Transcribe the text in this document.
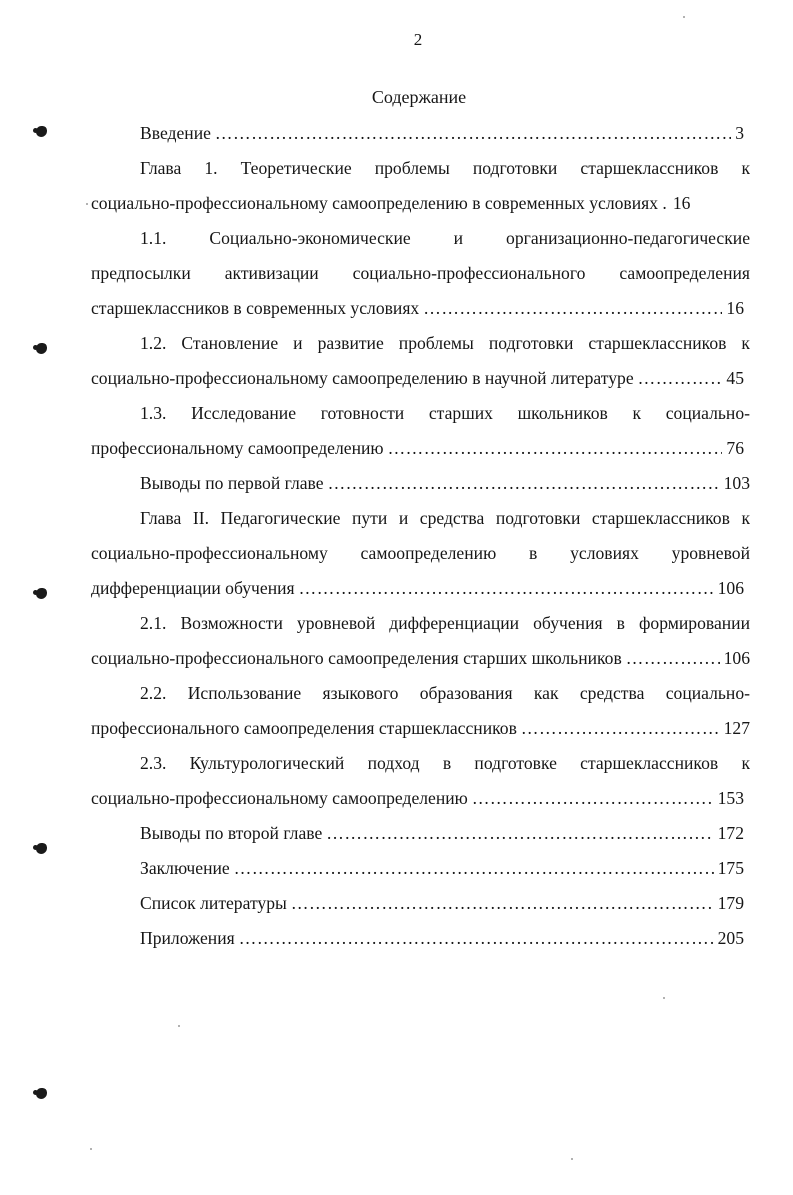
2
Содержание
Введение ……………………………………………………………………………………………………………………………………………	3
Глава 1. Теоретические проблемы подготовки старшеклассников к
социально-профессиональному самоопределению в современных условиях . 16
1.1. Социально-экономические и организационно-педагогические
предпосылки активизации социально-профессионального самоопределения
старшеклассников в современных условиях ……………………………………………………………………………………………………………………………………………	16
1.2. Становление и развитие проблемы подготовки старшеклассников к
социально-профессиональному самоопределению в научной литературе ……………………………………………………………………………………………………………………………………………	45
1.3. Исследование готовности старших школьников к социально-
профессиональному самоопределению ……………………………………………………………………………………………………………………………………………	76
Выводы по первой главе ……………………………………………………………………………………………………………………………………………	103
Глава II. Педагогические пути и средства подготовки старшеклассников к
социально-профессиональному самоопределению в условиях уровневой
дифференциации обучения ……………………………………………………………………………………………………………………………………………	106
2.1. Возможности уровневой дифференциации обучения в формировании
социально-профессионального самоопределения старших школьников ……………………………………………………………………………………………………………………………………………	106
2.2. Использование языкового образования как средства социально-
профессионального самоопределения старшеклассников ……………………………………………………………………………………………………………………………………………	127
2.3. Культурологический подход в подготовке старшеклассников к
социально-профессиональному самоопределению ……………………………………………………………………………………………………………………………………………	153
Выводы по второй главе ……………………………………………………………………………………………………………………………………………	172
Заключение ……………………………………………………………………………………………………………………………………………	175
Список литературы ……………………………………………………………………………………………………………………………………………	179
Приложения ……………………………………………………………………………………………………………………………………………	205
